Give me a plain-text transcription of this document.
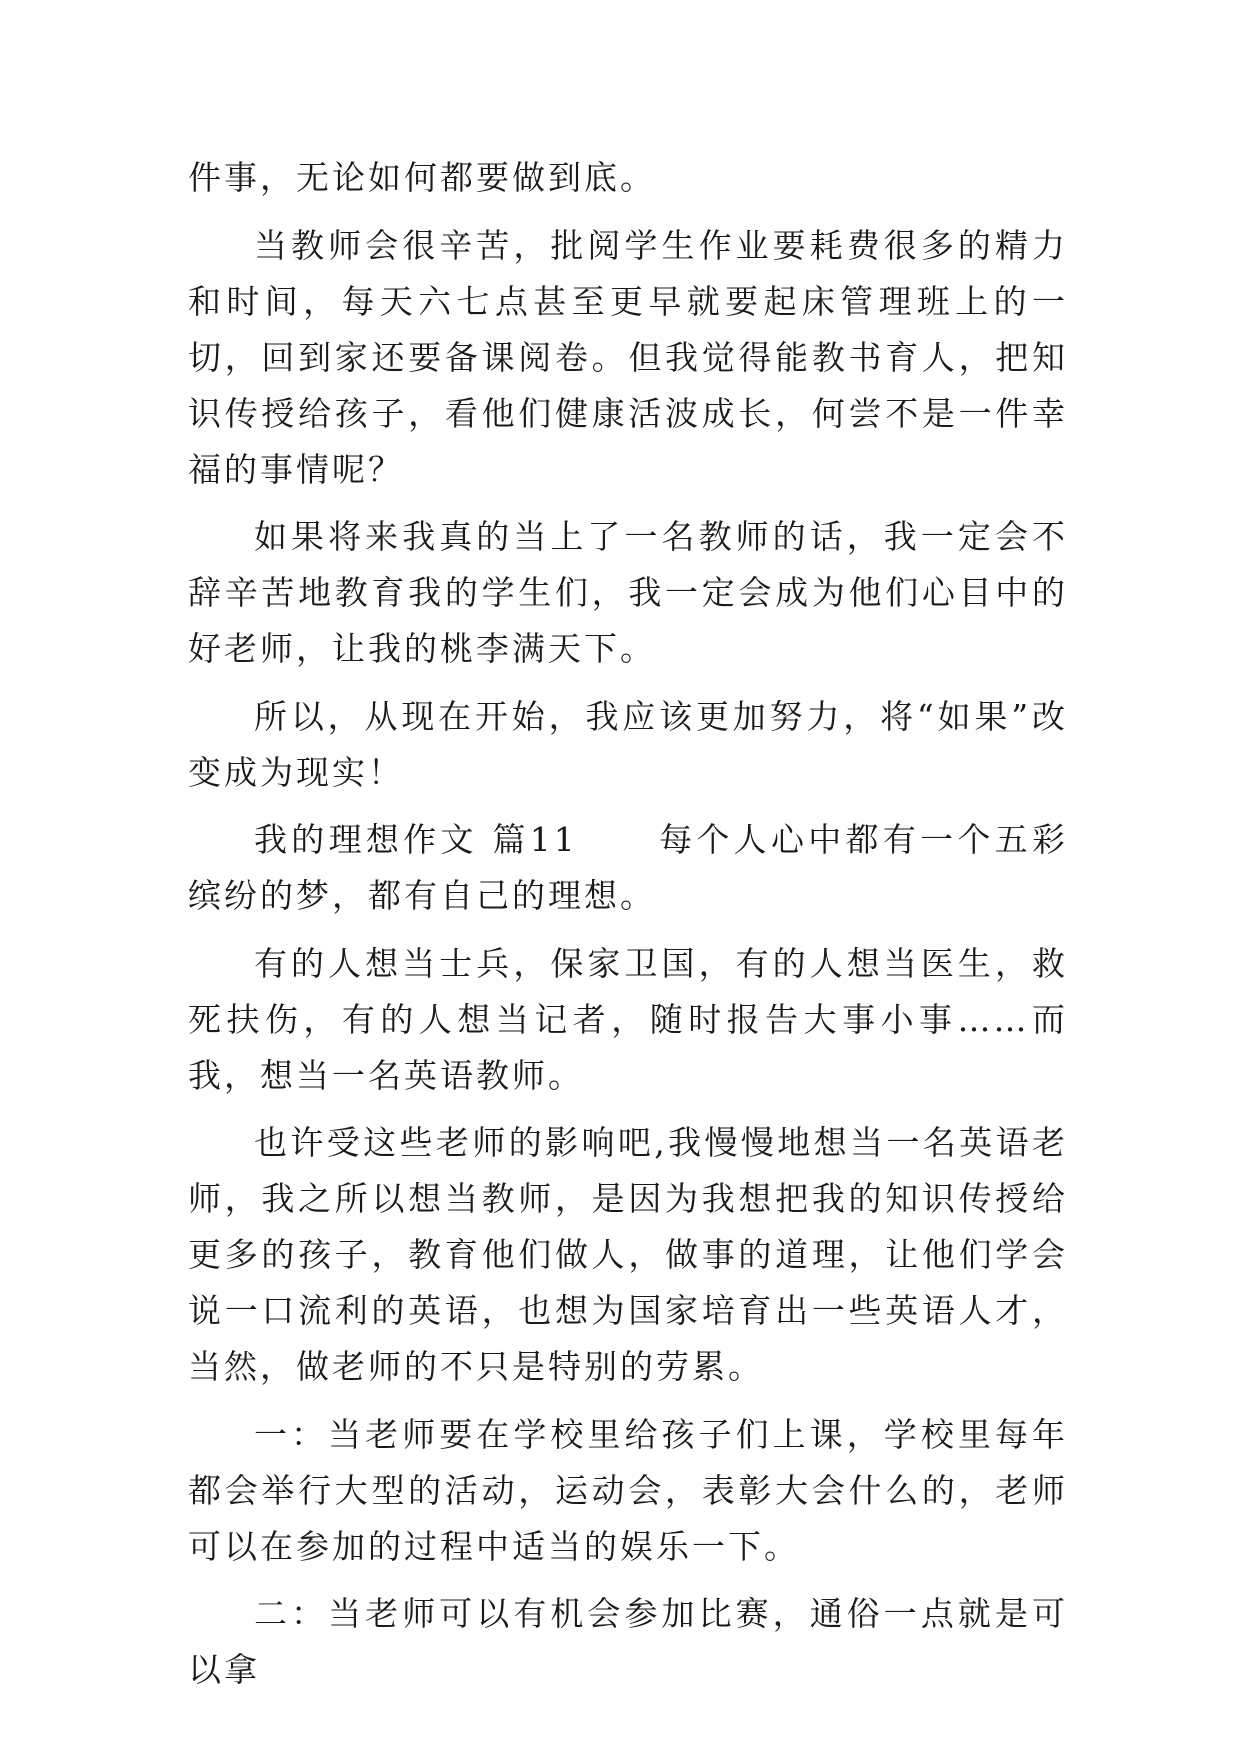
件事，无论如何都要做到底。

当教师会很辛苦，批阅学生作业要耗费很多的精力和时间，每天六七点甚至更早就要起床管理班上的一切，回到家还要备课阅卷。但我觉得能教书育人，把知识传授给孩子，看他们健康活波成长，何尝不是一件幸福的事情呢？

如果将来我真的当上了一名教师的话，我一定会不辞辛苦地教育我的学生们，我一定会成为他们心目中的好老师，让我的桃李满天下。

所以，从现在开始，我应该更加努力，将“如果”改变成为现实！

我的理想作文 篇11 每个人心中都有一个五彩缤纷的梦，都有自己的理想。

有的人想当士兵，保家卫国，有的人想当医生，救死扶伤，有的人想当记者，随时报告大事小事……而我，想当一名英语教师。

也许受这些老师的影响吧,我慢慢地想当一名英语老师，我之所以想当教师，是因为我想把我的知识传授给更多的孩子，教育他们做人，做事的道理，让他们学会说一口流利的英语，也想为国家培育出一些英语人才，当然，做老师的不只是特别的劳累。

一：当老师要在学校里给孩子们上课，学校里每年都会举行大型的活动，运动会，表彰大会什么的，老师可以在参加的过程中适当的娱乐一下。

二：当老师可以有机会参加比赛，通俗一点就是可以拿
